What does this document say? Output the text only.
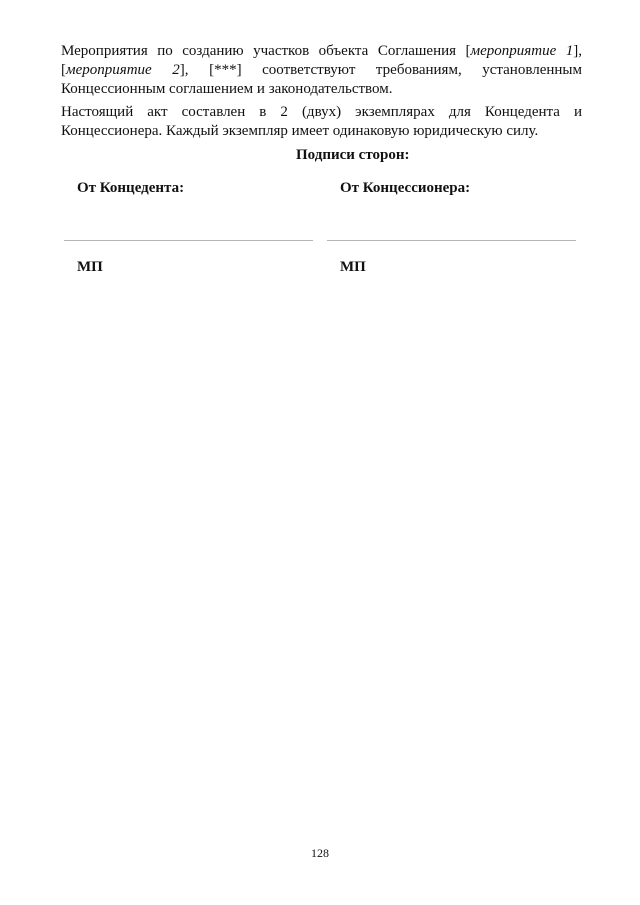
Мероприятия по созданию участков объекта Соглашения [мероприятие 1], [мероприятие 2], [***] соответствуют требованиям, установленным Концессионным соглашением и законодательством.

Настоящий акт составлен в 2 (двух) экземплярах для Концедента и Концессионера. Каждый экземпляр имеет одинаковую юридическую силу.

Подписи сторон:

От Концедента:	От Концессионера:
МП	МП
128
